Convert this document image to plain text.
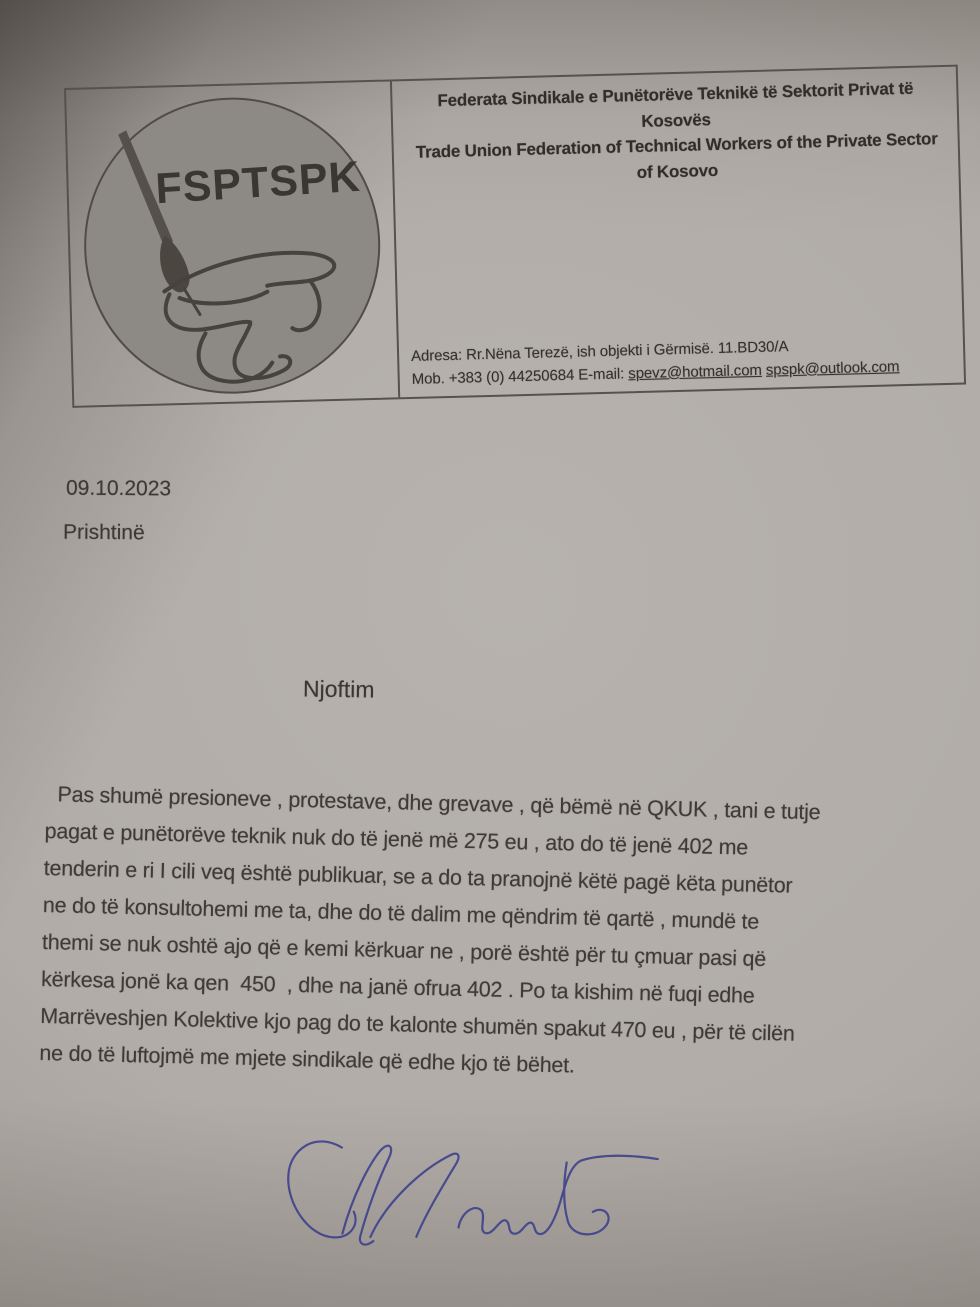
FSPTSPK
Federata Sindikale e Punëtorëve Teknikë të Sektorit Privat të Kosovës
Trade Union Federation of Technical Workers of the Private Sector of Kosovo
Adresa: Rr.Nëna Terezë, ish objekti i Gërmisë. 11.BD30/A
Mob. +383 (0) 44250684 E-mail: spevz@hotmail.com spspk@outlook.com
09.10.2023
Prishtinë
Njoftim
Pas shumë presioneve , protestave, dhe grevave , që bëmë në QKUK , tani e tutje
pagat e punëtorëve teknik nuk do të jenë më 275 eu , ato do të jenë 402 me
tenderin e ri I cili veq është publikuar, se a do ta pranojnë këtë pagë këta punëtor
ne do të konsultohemi me ta, dhe do të dalim me qëndrim të qartë , mundë te
themi se nuk oshtë ajo që e kemi kërkuar ne , porë është për tu çmuar pasi që
kërkesa jonë ka qen  450  , dhe na janë ofrua 402 . Po ta kishim në fuqi edhe
Marrëveshjen Kolektive kjo pag do te kalonte shumën spakut 470 eu , për të cilën
ne do të luftojmë me mjete sindikale që edhe kjo të bëhet.
